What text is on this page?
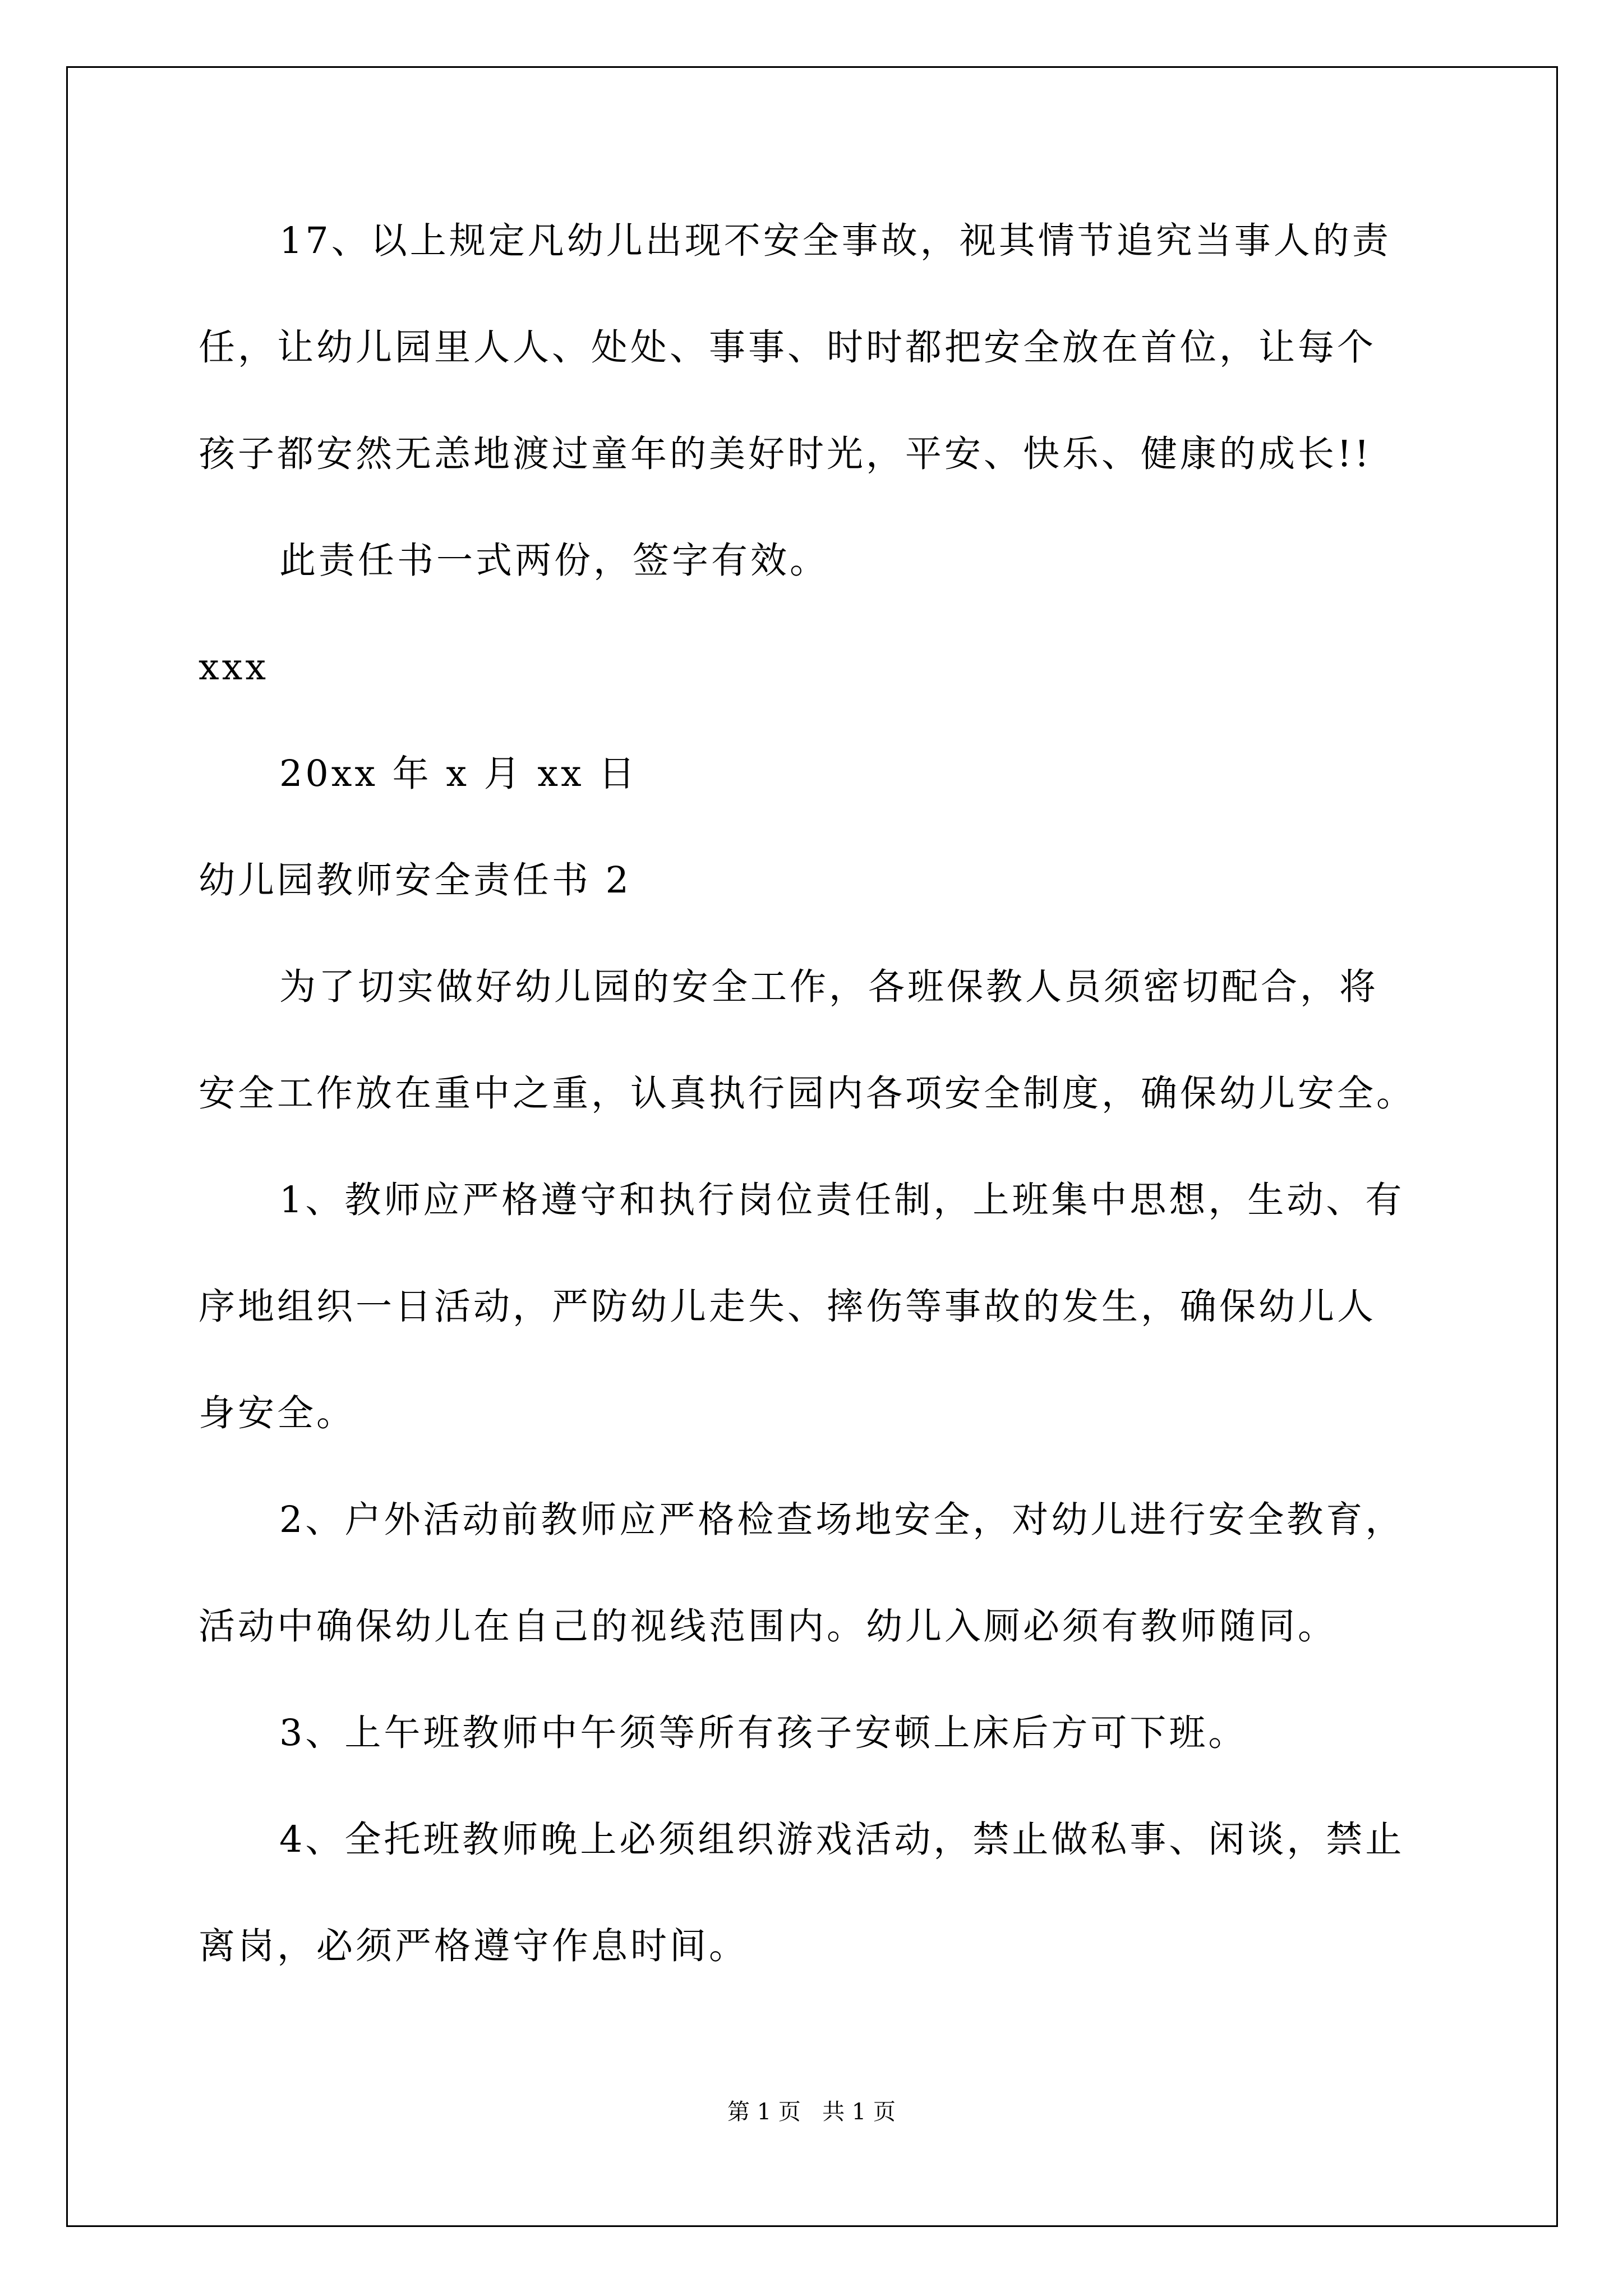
17、以上规定凡幼儿出现不安全事故，视其情节追究当事人的责
任，让幼儿园里人人、处处、事事、时时都把安全放在首位，让每个
孩子都安然无恙地渡过童年的美好时光，平安、快乐、健康的成长!!
此责任书一式两份，签字有效。
xxx
20xx 年 x 月 xx 日
幼儿园教师安全责任书 2
为了切实做好幼儿园的安全工作，各班保教人员须密切配合，将
安全工作放在重中之重，认真执行园内各项安全制度，确保幼儿安全。
1、教师应严格遵守和执行岗位责任制，上班集中思想，生动、有
序地组织一日活动，严防幼儿走失、摔伤等事故的发生，确保幼儿人
身安全。
2、户外活动前教师应严格检查场地安全，对幼儿进行安全教育，
活动中确保幼儿在自己的视线范围内。幼儿入厕必须有教师随同。
3、上午班教师中午须等所有孩子安顿上床后方可下班。
4、全托班教师晚上必须组织游戏活动，禁止做私事、闲谈，禁止
离岗，必须严格遵守作息时间。
第 1 页   共 1 页
